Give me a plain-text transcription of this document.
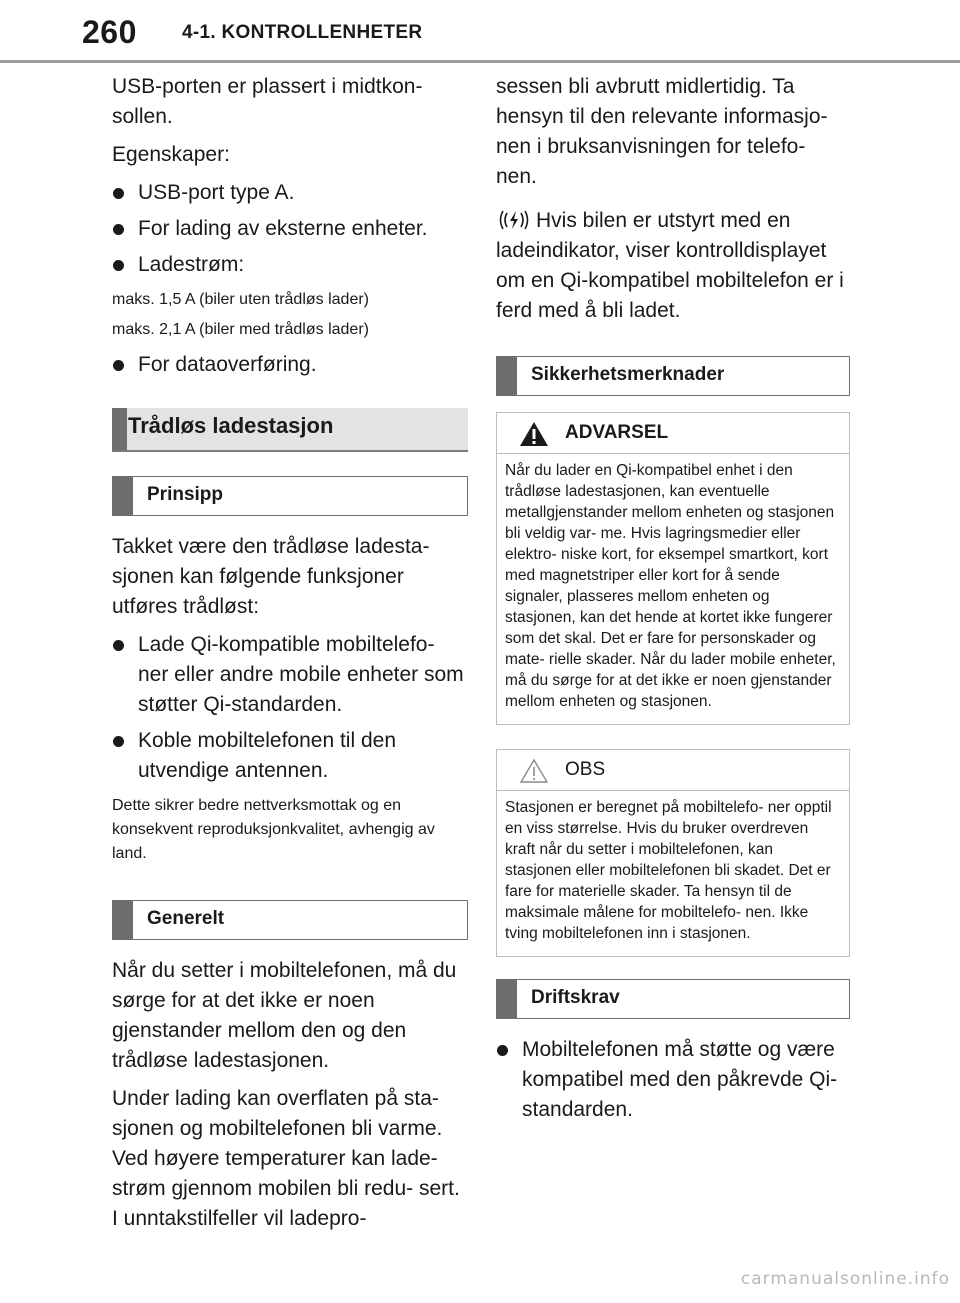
260 4-1. KONTROLLENHETER

USB-porten er plassert i midtkon- sollen.

Egenskaper:

USB-port type A.
For lading av eksterne enheter.
Ladestrøm:

maks. 1,5 A (biler uten trådløs lader)

maks. 2,1 A (biler med trådløs lader)

For dataoverføring.
Trådløs ladestasjon
Prinsipp

Takket være den trådløse ladesta- sjonen kan følgende funksjoner utføres trådløst:

Lade Qi-kompatible mobiltelefo- ner eller andre mobile enheter som støtter Qi-standarden.
Koble mobiltelefonen til den utvendige antennen.

Dette sikrer bedre nettverksmottak og en konsekvent reproduksjonkvalitet, avhengig av land.

Generelt

Når du setter i mobiltelefonen, må du sørge for at det ikke er noen gjenstander mellom den og den trådløse ladestasjonen.

Under lading kan overflaten på sta- sjonen og mobiltelefonen bli varme. Ved høyere temperaturer kan lade- strøm gjennom mobilen bli redu- sert. I unntakstilfeller vil ladepro-

sessen bli avbrutt midlertidig. Ta hensyn til den relevante informasjo- nen i bruksanvisningen for telefo- nen.

Hvis bilen er utstyrt med en ladeindikator, viser kontrolldisplayet om en Qi-kompatibel mobiltelefon er i ferd med å bli ladet.

Sikkerhetsmerknader
ADVARSEL
Når du lader en Qi-kompatibel enhet i den trådløse ladestasjonen, kan eventuelle metallgjenstander mellom enheten og stasjonen bli veldig var- me. Hvis lagringsmedier eller elektro- niske kort, for eksempel smartkort, kort med magnetstriper eller kort for å sende signaler, plasseres mellom enheten og stasjonen, kan det hende at kortet ikke fungerer som det skal. Det er fare for personskader og mate- rielle skader. Når du lader mobile enheter, må du sørge for at det ikke er noen gjenstander mellom enheten og stasjonen.
OBS
Stasjonen er beregnet på mobiltelefo- ner opptil en viss størrelse. Hvis du bruker overdreven kraft når du setter i mobiltelefonen, kan stasjonen eller mobiltelefonen bli skadet. Det er fare for materielle skader. Ta hensyn til de maksimale målene for mobiltelefo- nen. Ikke tving mobiltelefonen inn i stasjonen.
Driftskrav
Mobiltelefonen må støtte og være kompatibel med den påkrevde Qi-standarden.
carmanualsonline.info
